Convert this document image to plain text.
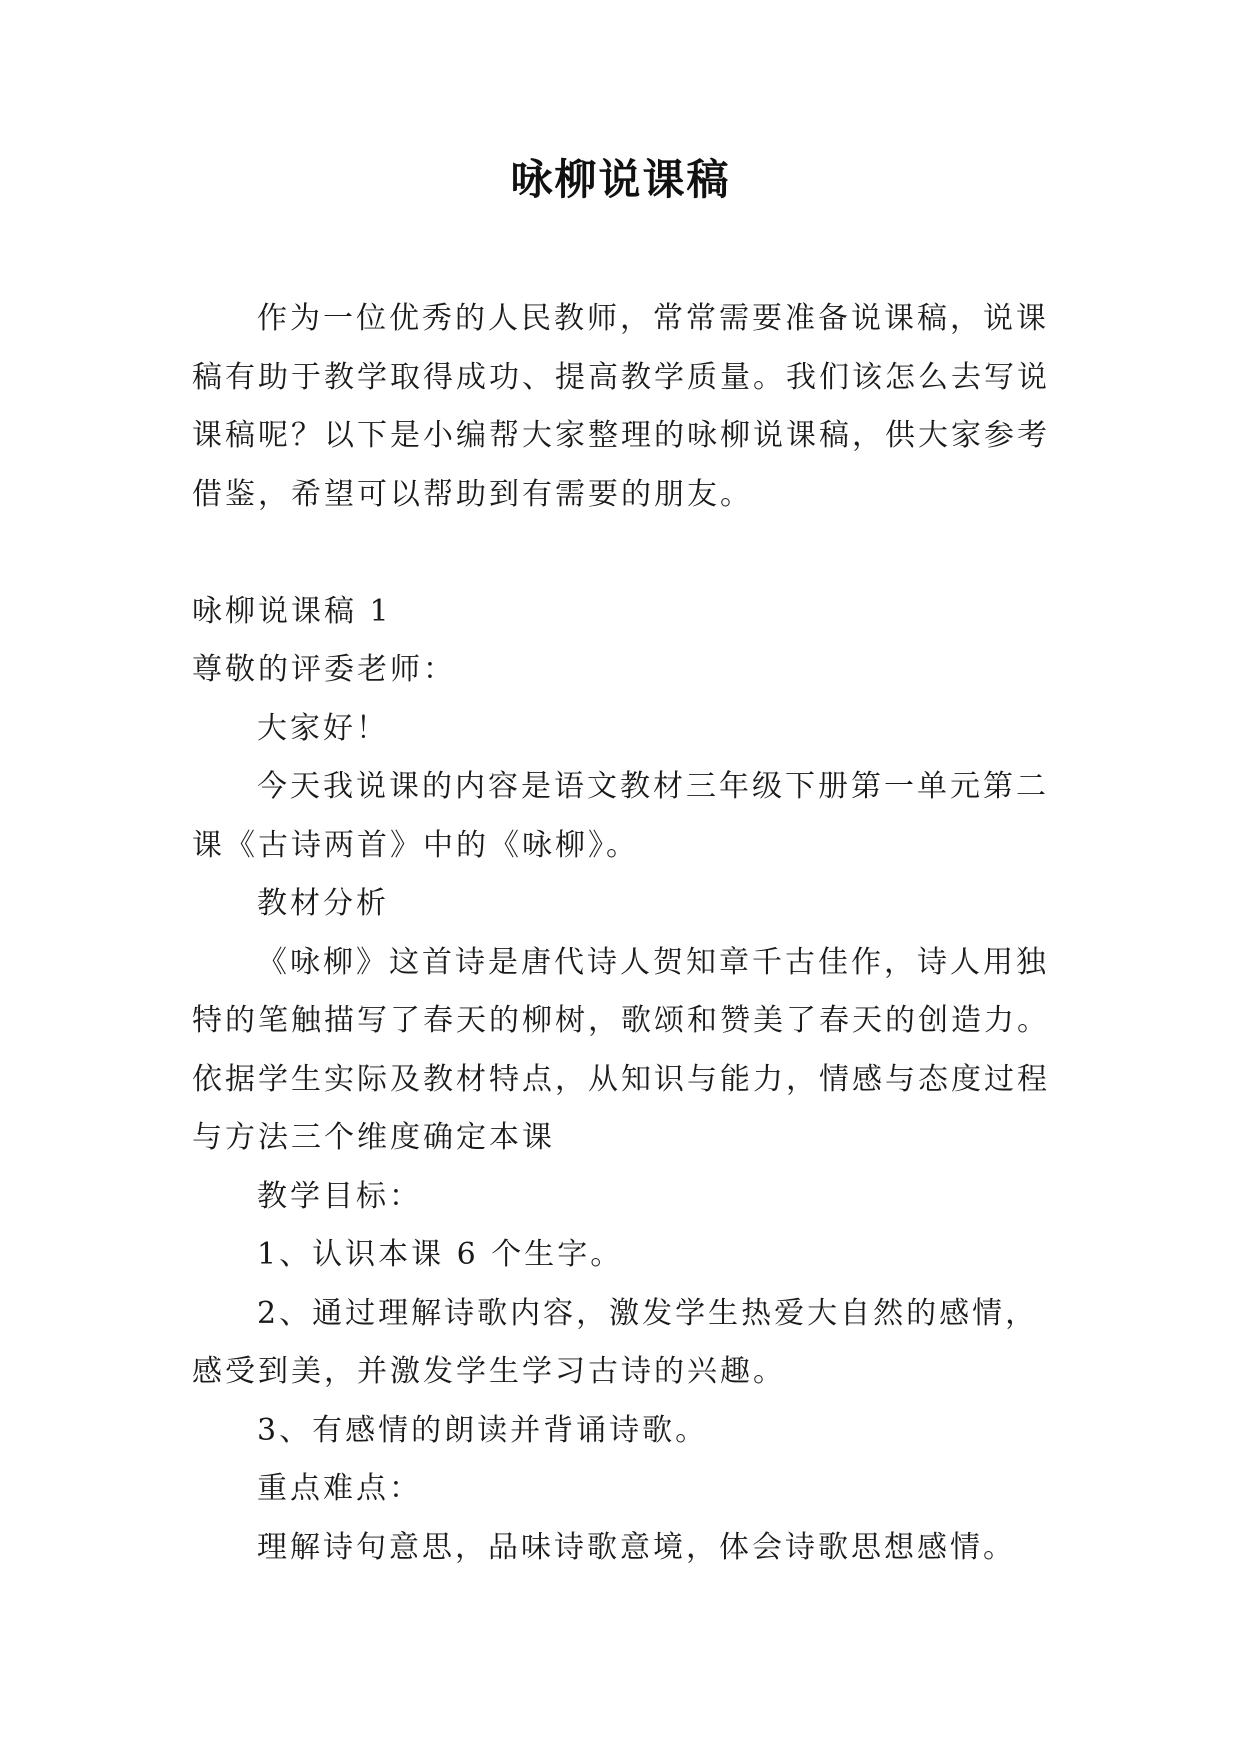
咏柳说课稿

作为一位优秀的人民教师，常常需要准备说课稿，说课稿有助于教学取得成功、提高教学质量。我们该怎么去写说课稿呢？以下是小编帮大家整理的咏柳说课稿，供大家参考借鉴，希望可以帮助到有需要的朋友。

咏柳说课稿 1

尊敬的评委老师：

大家好！

今天我说课的内容是语文教材三年级下册第一单元第二课《古诗两首》中的《咏柳》。

教材分析

《咏柳》这首诗是唐代诗人贺知章千古佳作，诗人用独特的笔触描写了春天的柳树，歌颂和赞美了春天的创造力。依据学生实际及教材特点，从知识与能力，情感与态度过程与方法三个维度确定本课

教学目标：

1、认识本课 6 个生字。

2、通过理解诗歌内容，激发学生热爱大自然的感情，感受到美，并激发学生学习古诗的兴趣。

3、有感情的朗读并背诵诗歌。

重点难点：

理解诗句意思，品味诗歌意境，体会诗歌思想感情。
